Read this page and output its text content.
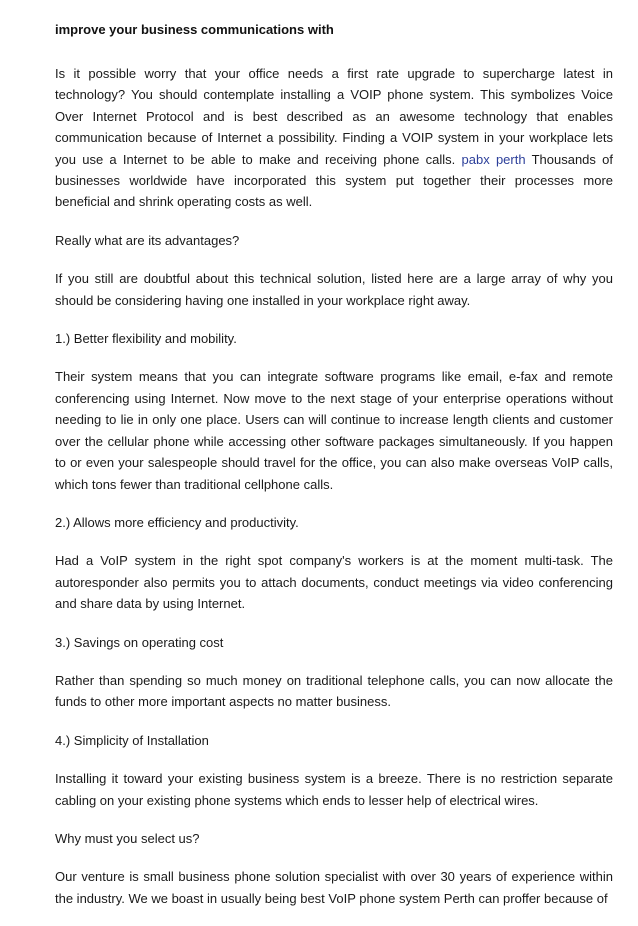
improve your business communications with

Is it possible worry that your office needs a first rate upgrade to supercharge latest in technology? You should contemplate installing a VOIP phone system. This symbolizes Voice Over Internet Protocol and is best described as an awesome technology that enables communication because of Internet a possibility. Finding a VOIP system in your workplace lets you use a Internet to be able to make and receiving phone calls. pabx perth Thousands of businesses worldwide have incorporated this system put together their processes more beneficial and shrink operating costs as well.

Really what are its advantages?

If you still are doubtful about this technical solution, listed here are a large array of why you should be considering having one installed in your workplace right away.

1.) Better flexibility and mobility.

Their system means that you can integrate software programs like email, e-fax and remote conferencing using Internet. Now move to the next stage of your enterprise operations without needing to lie in only one place. Users can will continue to increase length clients and customer over the cellular phone while accessing other software packages simultaneously. If you happen to or even your salespeople should travel for the office, you can also make overseas VoIP calls, which tons fewer than traditional cellphone calls.

2.) Allows more efficiency and productivity.

Had a VoIP system in the right spot company's workers is at the moment multi-task. The autoresponder also permits you to attach documents, conduct meetings via video conferencing and share data by using Internet.

3.) Savings on operating cost

Rather than spending so much money on traditional telephone calls, you can now allocate the funds to other more important aspects no matter business.

4.) Simplicity of Installation

Installing it toward your existing business system is a breeze. There is no restriction separate cabling on your existing phone systems which ends to lesser help of electrical wires.

Why must you select us?

Our venture is small business phone solution specialist with over 30 years of experience within the industry. We we boast in usually being best VoIP phone system Perth can proffer because of
